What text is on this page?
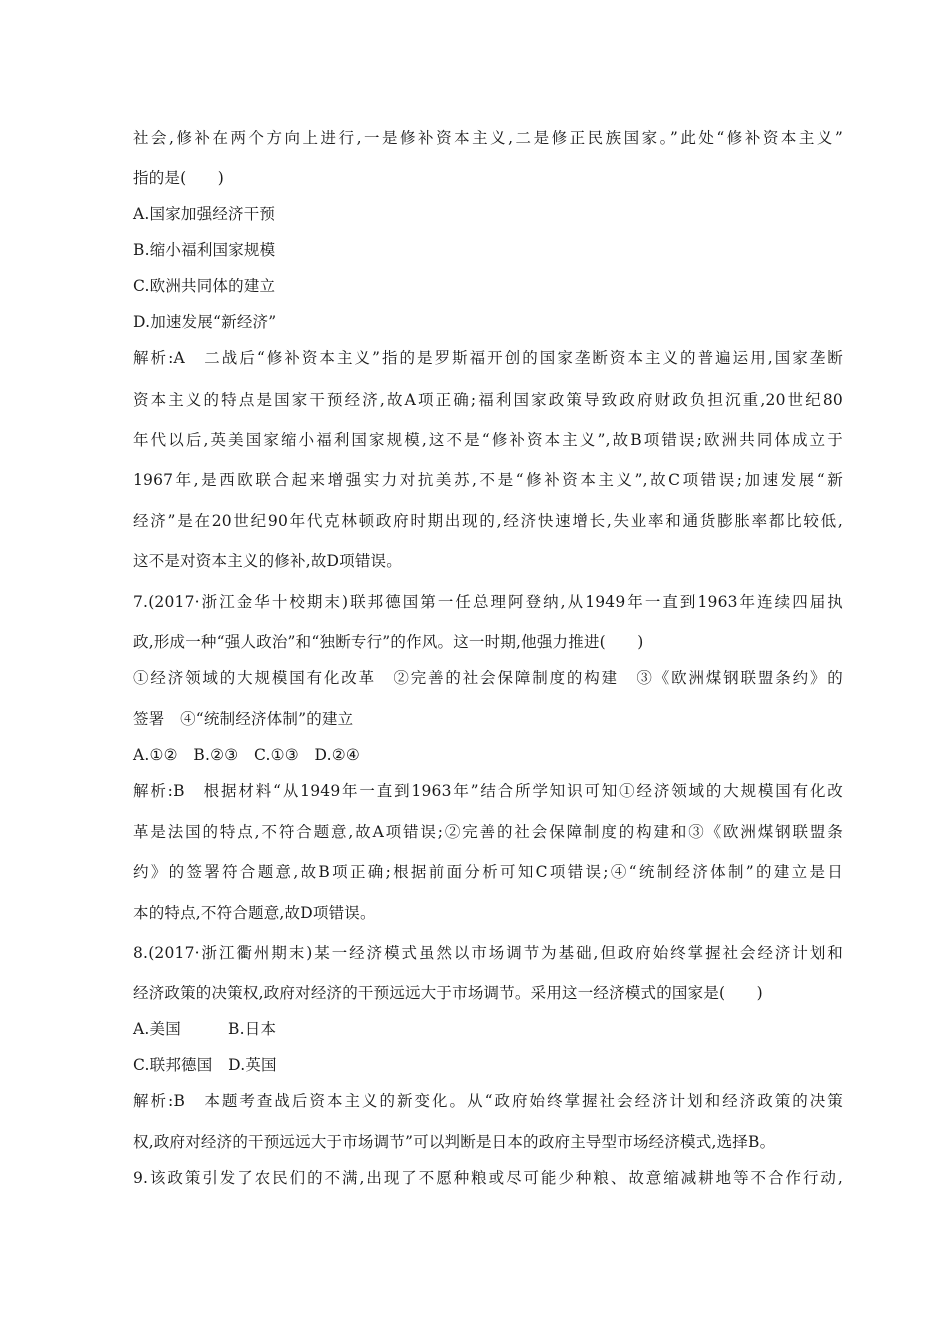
社会,修补在两个方向上进行,一是修补资本主义,二是修正民族国家。”此处“修补资本主义”
指的是(　　)
A.国家加强经济干预
B.缩小福利国家规模
C.欧洲共同体的建立
D.加速发展“新经济”
解析:A　二战后“修补资本主义”指的是罗斯福开创的国家垄断资本主义的普遍运用,国家垄断
资本主义的特点是国家干预经济,故A项正确;福利国家政策导致政府财政负担沉重,20世纪80
年代以后,英美国家缩小福利国家规模,这不是“修补资本主义”,故B项错误;欧洲共同体成立于
1967年,是西欧联合起来增强实力对抗美苏,不是“修补资本主义”,故C项错误;加速发展“新
经济”是在20世纪90年代克林顿政府时期出现的,经济快速增长,失业率和通货膨胀率都比较低,
这不是对资本主义的修补,故D项错误。
7.(2017·浙江金华十校期末)联邦德国第一任总理阿登纳,从1949年一直到1963年连续四届执
政,形成一种“强人政治”和“独断专行”的作风。这一时期,他强力推进(　　)
①经济领域的大规模国有化改革　②完善的社会保障制度的构建　③《欧洲煤钢联盟条约》的
签署　④“统制经济体制”的建立
A.①②　B.②③　C.①③　D.②④
解析:B　根据材料“从1949年一直到1963年”结合所学知识可知①经济领域的大规模国有化改
革是法国的特点,不符合题意,故A项错误;②完善的社会保障制度的构建和③《欧洲煤钢联盟条
约》的签署符合题意,故B项正确;根据前面分析可知C项错误;④“统制经济体制”的建立是日
本的特点,不符合题意,故D项错误。
8.(2017·浙江衢州期末)某一经济模式虽然以市场调节为基础,但政府始终掌握社会经济计划和
经济政策的决策权,政府对经济的干预远远大于市场调节。采用这一经济模式的国家是(　　)
A.美国　　　B.日本
C.联邦德国　D.英国
解析:B　本题考查战后资本主义的新变化。从“政府始终掌握社会经济计划和经济政策的决策
权,政府对经济的干预远远大于市场调节”可以判断是日本的政府主导型市场经济模式,选择B。
9.该政策引发了农民们的不满,出现了不愿种粮或尽可能少种粮、故意缩减耕地等不合作行动,
